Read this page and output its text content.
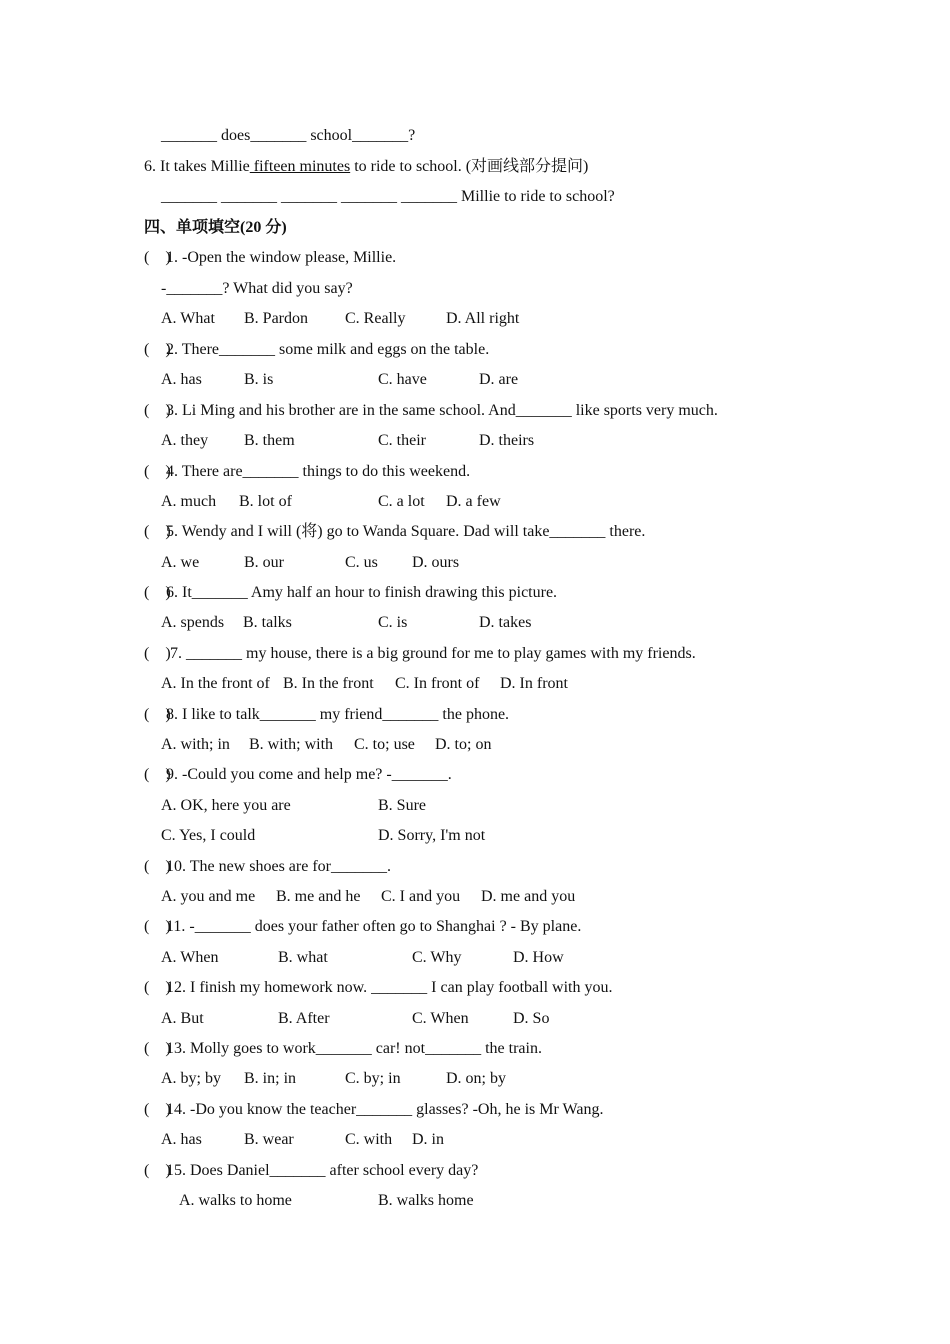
_______ does_______ school_______?
6. It takes Millie fifteen minutes to ride to school. (对画线部分提问)
_______ _______ _______ _______ _______ Millie to ride to school?
四、单项填空(20 分)
(    )1. -Open the window please, Millie.
-_______? What did you say?

A. What

B. Pardon

C. Really

	D. All right

(    )2. There_______ some milk and eggs on the table.

A. has

	B. is

	C. have

	D. are

(    )3. Li Ming and his brother are in the same school. And_______ like sports very much.

A. they

B. them

	C. their

	D. theirs

(    )4. There are_______ things to do this weekend.

A. much

B. lot of

	C. a lot

D. a few

(    )5. Wendy and I will (将) go to Wanda Square. Dad will take_______ there.

A. we

	B. our

	C. us

D. ours

(    )6. It_______ Amy half an hour to finish drawing this picture.

A. spends

B. talks

	C. is

	D. takes

(    ) 7. _______ my house, there is a big ground for me to play games with my friends.

A. In the front of

B. In the front

C. In front of

D. In front

(    )8. I like to talk_______ my friend_______ the phone.

A. with; in

B. with; with

C. to; use

D. to; on

(    )9. -Could you come and help me? -_______.

A. OK, here you are

	B. Sure

C. Yes, I could

	D. Sorry, I'm not

(    )10. The new shoes are for_______.

A. you and me

B. me and he

C. I and you

D. me and you

(    )11. -_______ does your father often go to Shanghai ? - By plane.

A. When

	B. what

	C. Why

	D. How

(    )12. I finish my homework now. _______ I can play football with you.

A. But

	B. After

	C. When

	D. So

(    )13. Molly goes to work_______ car! not_______ the train.

A. by; by

B. in; in

	C. by; in

	D. on; by

(    )14. -Do you know the teacher_______ glasses? -Oh, he is Mr Wang.

A. has

	B. wear

	C. with

D. in

(    )15. Does Daniel_______ after school every day?

A. walks to home

	B. walks home
